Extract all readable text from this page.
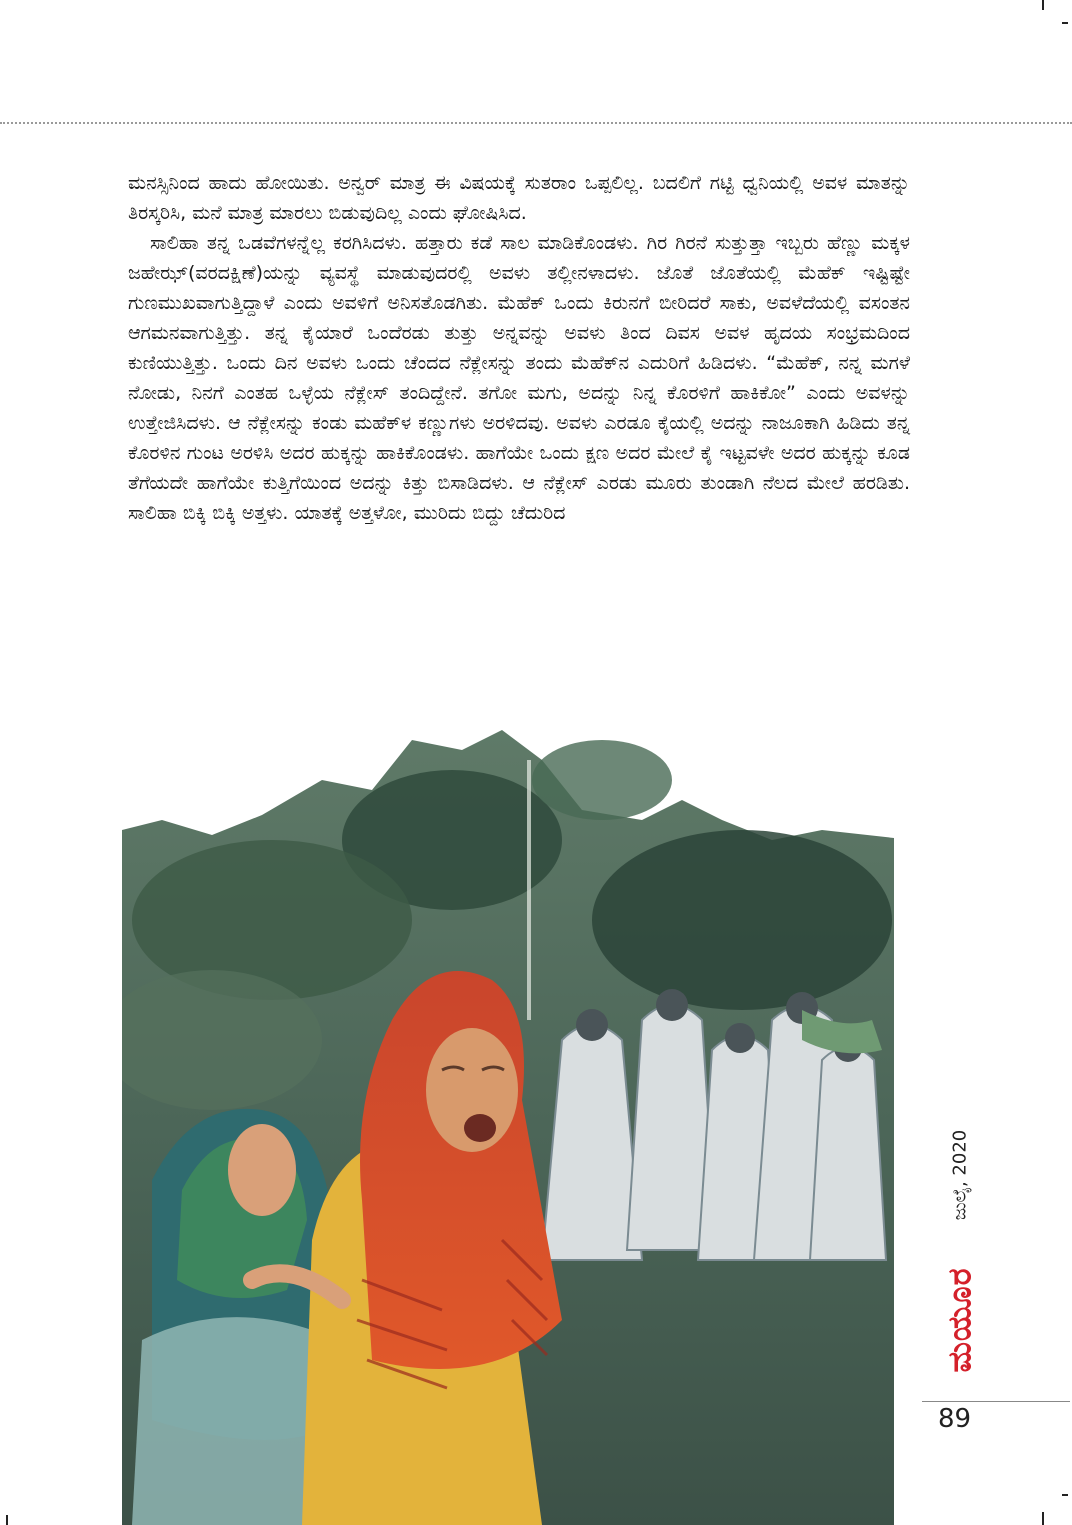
ಮನಸ್ಸಿನಿಂದ ಹಾದು ಹೋಯಿತು. ಅನ್ವರ್ ಮಾತ್ರ ಈ ವಿಷಯಕ್ಕೆ ಸುತರಾಂ ಒಪ್ಪಲಿಲ್ಲ. ಬದಲಿಗೆ ಗಟ್ಟಿ ಧ್ವನಿಯಲ್ಲಿ ಅವಳ ಮಾತನ್ನು ತಿರಸ್ಕರಿಸಿ, ಮನೆ ಮಾತ್ರ ಮಾರಲು ಬಿಡುವುದಿಲ್ಲ ಎಂದು ಘೋಷಿಸಿದ.

ಸಾಲಿಹಾ ತನ್ನ ಒಡವೆಗಳನ್ನೆಲ್ಲ ಕರಗಿಸಿದಳು. ಹತ್ತಾರು ಕಡೆ ಸಾಲ ಮಾಡಿಕೊಂಡಳು. ಗಿರ ಗಿರನೆ ಸುತ್ತುತ್ತಾ ಇಬ್ಬರು ಹೆಣ್ಣು ಮಕ್ಕಳ ಜಹೇಝ್(ವರದಕ್ಷಿಣೆ)ಯನ್ನು ವ್ಯವಸ್ಥೆ ಮಾಡುವುದರಲ್ಲಿ ಅವಳು ತಲ್ಲೀನಳಾದಳು. ಜೊತೆ ಜೊತೆಯಲ್ಲಿ ಮೆಹೆಕ್ ಇಷ್ಟಿಷ್ಟೇ ಗುಣಮುಖವಾಗುತ್ತಿದ್ದಾಳೆ ಎಂದು ಅವಳಿಗೆ ಅನಿಸತೊಡಗಿತು. ಮೆಹೆಕ್ ಒಂದು ಕಿರುನಗೆ ಬೀರಿದರೆ ಸಾಕು, ಅವಳೆದೆಯಲ್ಲಿ ವಸಂತನ ಆಗಮನವಾಗುತ್ತಿತ್ತು. ತನ್ನ ಕೈಯಾರೆ ಒಂದೆರಡು ತುತ್ತು ಅನ್ನವನ್ನು ಅವಳು ತಿಂದ ದಿವಸ ಅವಳ ಹೃದಯ ಸಂಭ್ರಮದಿಂದ ಕುಣಿಯುತ್ತಿತ್ತು. ಒಂದು ದಿನ ಅವಳು ಒಂದು ಚೆಂದದ ನೆಕ್ಲೇಸನ್ನು ತಂದು ಮೆಹೆಕ್‌ನ ಎದುರಿಗೆ ಹಿಡಿದಳು. “ಮೆಹೆಕ್, ನನ್ನ ಮಗಳೆ ನೋಡು, ನಿನಗೆ ಎಂತಹ ಒಳ್ಳೆಯ ನೆಕ್ಲೇಸ್ ತಂದಿದ್ದೇನೆ. ತಗೋ ಮಗು, ಅದನ್ನು ನಿನ್ನ ಕೊರಳಿಗೆ ಹಾಕಿಕೋ” ಎಂದು ಅವಳನ್ನು ಉತ್ತೇಜಿಸಿದಳು. ಆ ನೆಕ್ಲೇಸನ್ನು ಕಂಡು ಮಹೆಕ್‌ಳ ಕಣ್ಣುಗಳು ಅರಳಿದವು. ಅವಳು ಎರಡೂ ಕೈಯಲ್ಲಿ ಅದನ್ನು ನಾಜೂಕಾಗಿ ಹಿಡಿದು ತನ್ನ ಕೊರಳಿನ ಗುಂಟ ಅರಳಿಸಿ ಅದರ ಹುಕ್ಕನ್ನು ಹಾಕಿಕೊಂಡಳು. ಹಾಗೆಯೇ ಒಂದು ಕ್ಷಣ ಅದರ ಮೇಲೆ ಕೈ ಇಟ್ಟವಳೇ ಅದರ ಹುಕ್ಕನ್ನು ಕೂಡ ತೆಗೆಯದೇ ಹಾಗೆಯೇ ಕುತ್ತಿಗೆಯಿಂದ ಅದನ್ನು ಕಿತ್ತು ಬಿಸಾಡಿದಳು. ಆ ನೆಕ್ಲೇಸ್ ಎರಡು ಮೂರು ತುಂಡಾಗಿ ನೆಲದ ಮೇಲೆ ಹರಡಿತು. ಸಾಲಿಹಾ ಬಿಕ್ಕಿ ಬಿಕ್ಕಿ ಅತ್ತಳು. ಯಾತಕ್ಕೆ ಅತ್ತಳೋ, ಮುರಿದು ಬಿದ್ದು ಚೆದುರಿದ

ಜುಲೈ, 2020
ಮಯೂರ
89
